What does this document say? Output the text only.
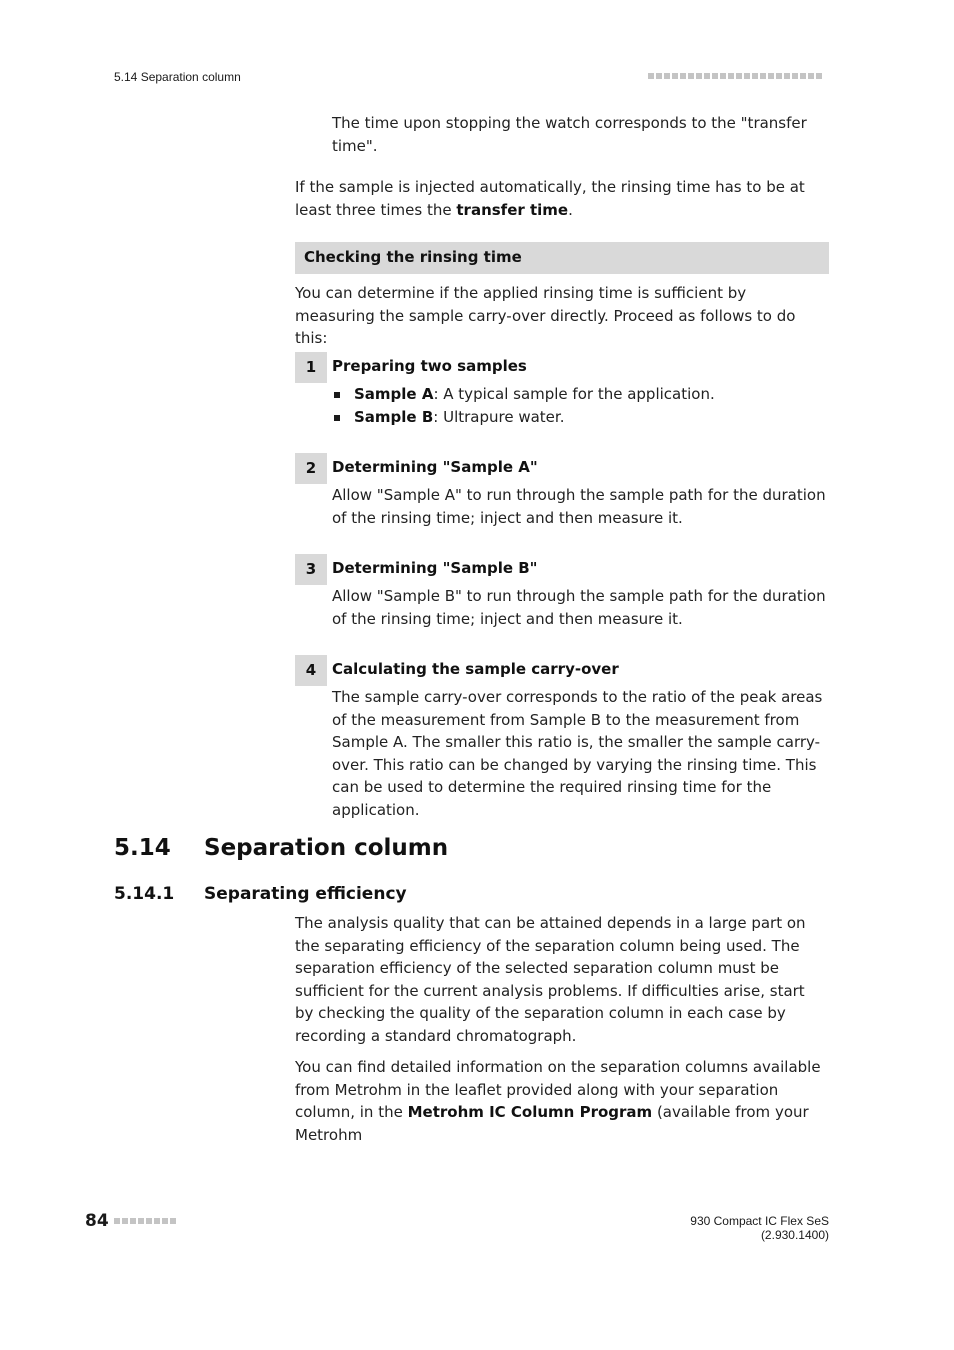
5.14 Separation column

The time upon stopping the watch corresponds to the "transfer time".

If the sample is injected automatically, the rinsing time has to be at least three times the transfer time.

Checking the rinsing time

You can determine if the applied rinsing time is sufficient by measuring the sample carry-over directly. Proceed as follows to do this:

1	Preparing two samples
Sample A: A typical sample for the application.
Sample B: Ultrapure water.
2	Determining "Sample A"

Allow "Sample A" to run through the sample path for the duration of the rinsing time; inject and then measure it.

3	Determining "Sample B"

Allow "Sample B" to run through the sample path for the duration of the rinsing time; inject and then measure it.

4	Calculating the sample carry-over

The sample carry-over corresponds to the ratio of the peak areas of the measurement from Sample B to the measurement from Sample A. The smaller this ratio is, the smaller the sample carry-over. This ratio can be changed by varying the rinsing time. This can be used to determine the required rinsing time for the application.

5.14 Separation column
5.14.1 Separating efficiency

The analysis quality that can be attained depends in a large part on the separating efficiency of the separation column being used. The separation efficiency of the selected separation column must be sufficient for the current analysis problems. If difficulties arise, start by checking the quality of the separation column in each case by recording a standard chromatograph.

You can find detailed information on the separation columns available from Metrohm in the leaflet provided along with your separation column, in the Metrohm IC Column Program (available from your Metrohm

84	930 Compact IC Flex SeS (2.930.1400)
